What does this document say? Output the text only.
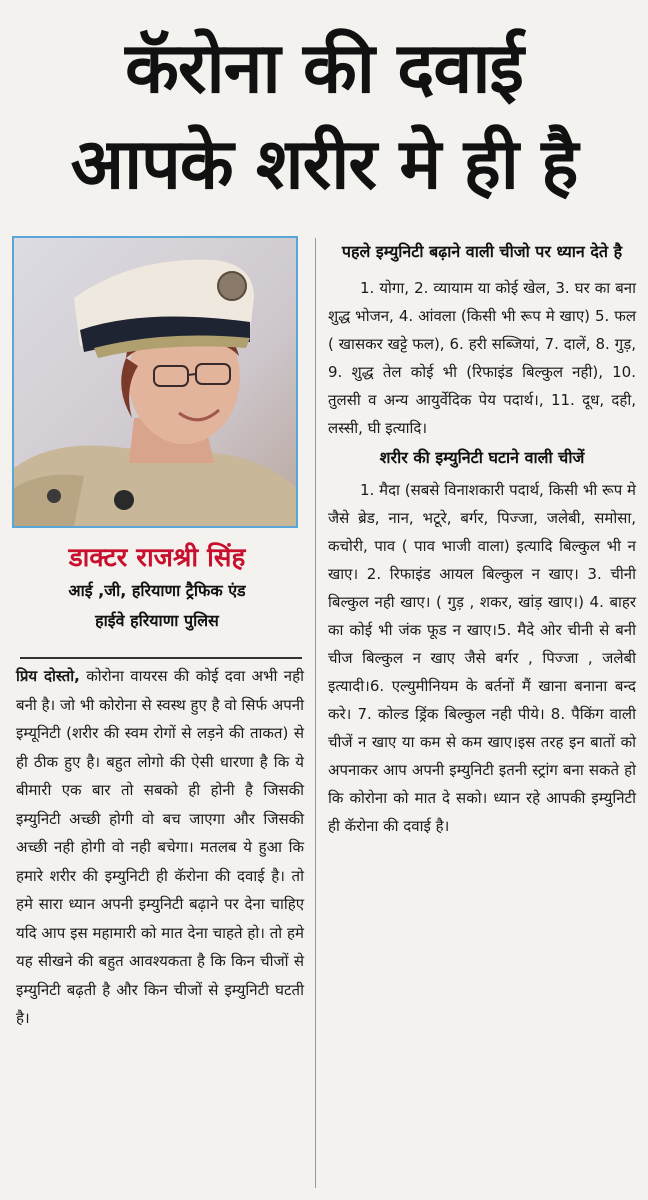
कॅरोना की दवाई
आपके शरीर मे ही है
डाक्टर राजश्री सिंह
आई ,जी, हरियाणा ट्रैफिक एंड
हाईवे हरियाणा पुलिस
प्रिय दोस्तो, कोरोना वायरस की कोई दवा अभी नही बनी है। जो भी कोरोना से स्वस्थ हुए है वो सिर्फ अपनी इम्यूनिटी (शरीर की स्वम रोगों से लड़ने की ताकत) से ही ठीक हुए है। बहुत लोगो की ऐसी धारणा है कि ये बीमारी एक बार तो सबको ही होनी है जिसकी इम्युनिटी अच्छी होगी वो बच जाएगा और जिसकी अच्छी नही होगी वो नही बचेगा। मतलब ये हुआ कि हमारे शरीर की इम्युनिटी ही कॅरोना की दवाई है। तो हमे सारा ध्यान अपनी इम्युनिटी बढ़ाने पर देना चाहिए यदि आप इस महामारी को मात देना चाहते हो। तो हमे यह सीखने की बहुत आवश्यकता है कि किन चीजों से इम्युनिटी बढ़ती है और किन चीजों से इम्युनिटी घटती है।
पहले इम्युनिटी बढ़ाने वाली चीजो पर ध्यान देते है
1. योगा, 2. व्यायाम या कोई खेल, 3. घर का बना शुद्ध भोजन, 4. आंवला (किसी भी रूप मे खाए) 5. फल ( खासकर खट्टे फल), 6. हरी सब्जियां, 7. दालें, 8. गुड़, 9. शुद्ध तेल कोई भी (रिफाइंड बिल्कुल नही), 10. तुलसी व अन्य आयुर्वेदिक पेय पदार्थ।, 11. दूध, दही, लस्सी, घी इत्यादि।
शरीर की इम्युनिटी घटाने वाली चीजें
1. मैदा (सबसे विनाशकारी पदार्थ, किसी भी रूप मे जैसे ब्रेड, नान, भटूरे, बर्गर, पिज्जा, जलेबी, समोसा, कचोरी, पाव ( पाव भाजी वाला) इत्यादि बिल्कुल भी न खाए। 2. रिफाइंड आयल बिल्कुल न खाए। 3. चीनी बिल्कुल नही खाए। ( गुड़ , शकर, खांड़ खाए।) 4. बाहर का कोई भी जंक फूड न खाए।5. मैदे ओर चीनी से बनी चीज बिल्कुल न खाए जैसे बर्गर , पिज्जा , जलेबी इत्यादी।6. एल्युमीनियम के बर्तनों मैं खाना बनाना बन्द करे। 7. कोल्ड ड्रिंक बिल्कुल नही पीये। 8. पैकिंग वाली चीजें न खाए या कम से कम खाए।इस तरह इन बातों को अपनाकर आप अपनी इम्युनिटी इतनी स्ट्रांग बना सकते हो कि कोरोना को मात दे सको। ध्यान रहे आपकी इम्युनिटी ही कॅरोना की दवाई है।
